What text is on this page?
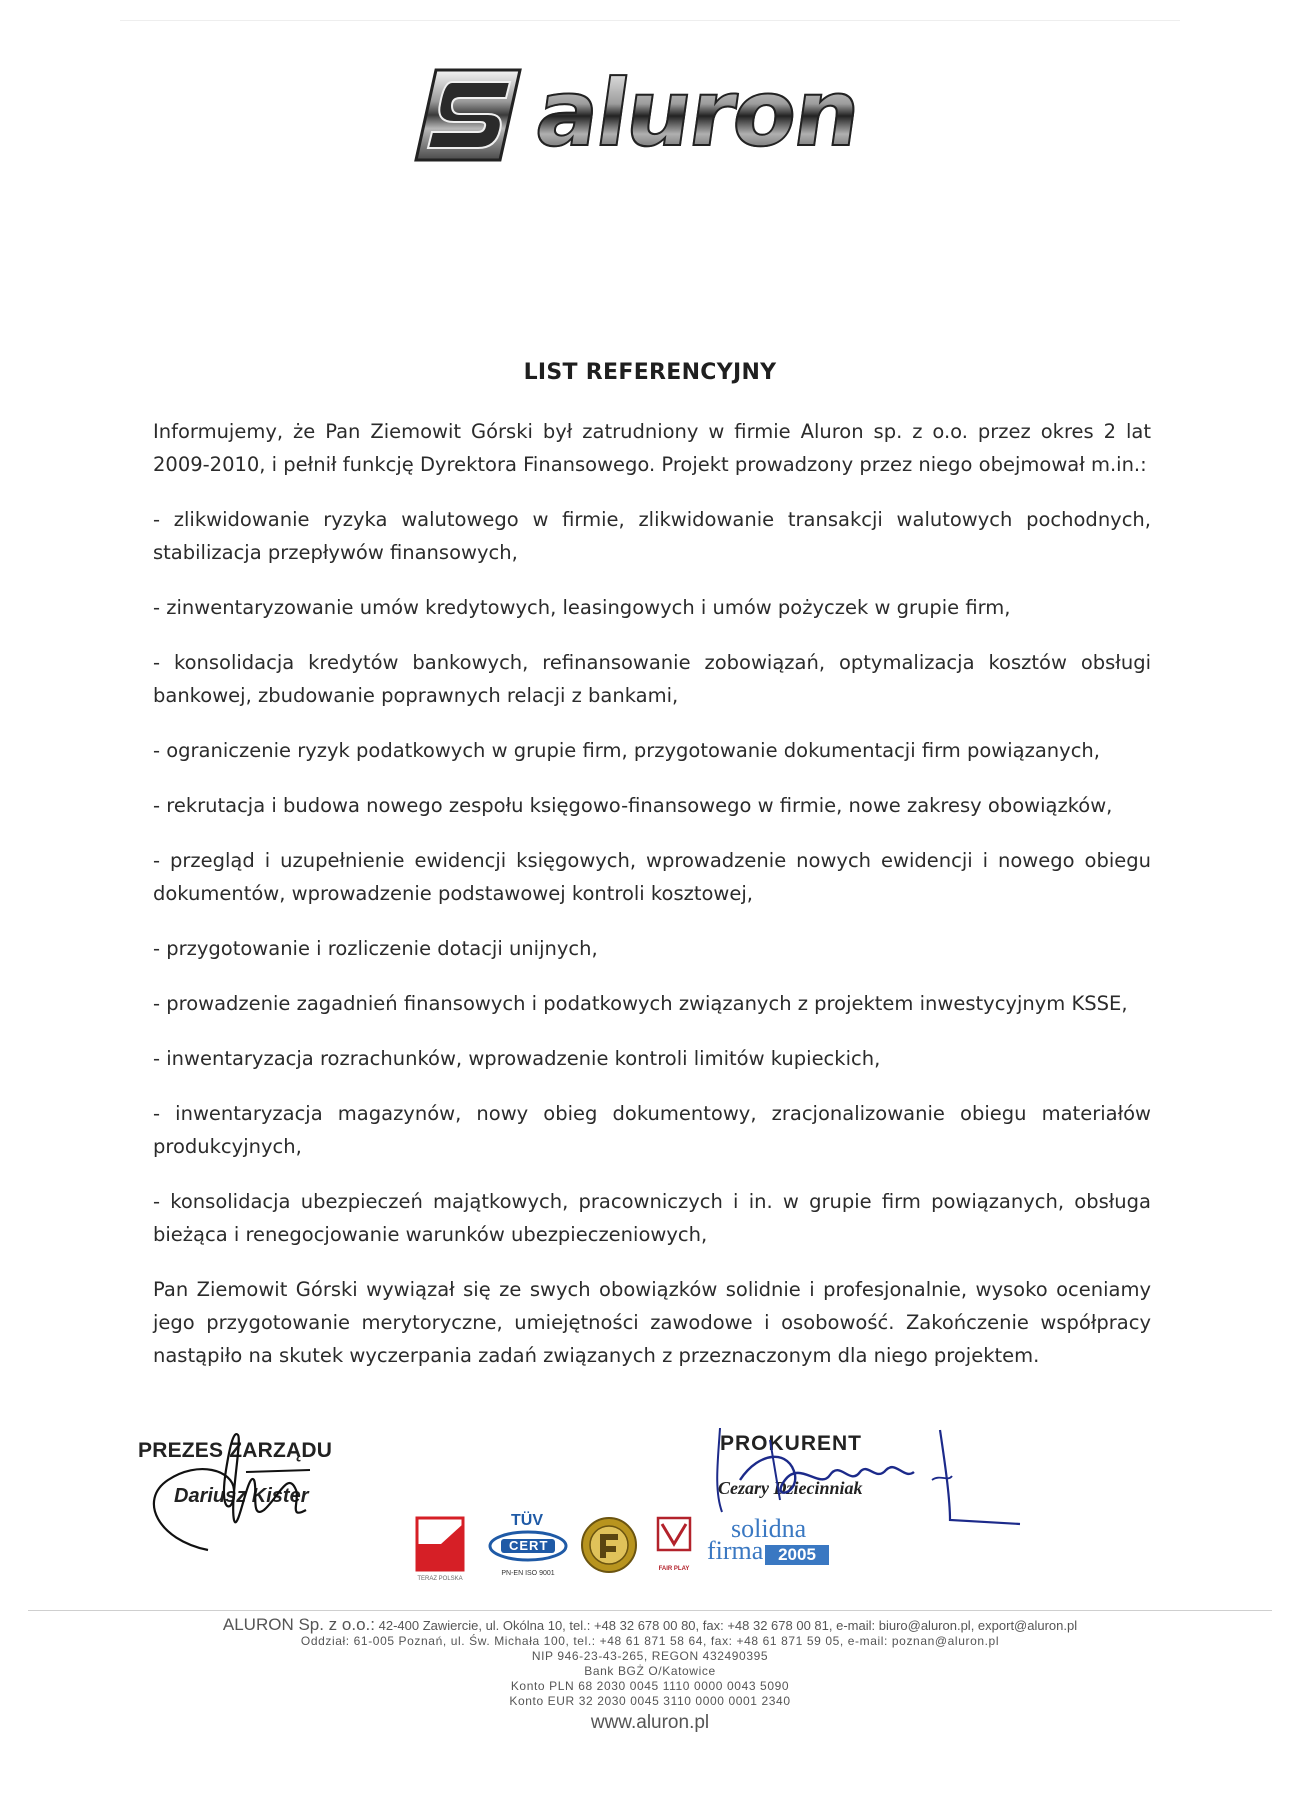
aluron
LIST REFERENCYJNY

Informujemy, że Pan Ziemowit Górski był zatrudniony w firmie Aluron sp. z o.o. przez okres 2 lat 2009-2010, i pełnił funkcję Dyrektora Finansowego. Projekt prowadzony przez niego obejmował m.in.:

- zlikwidowanie ryzyka walutowego w firmie, zlikwidowanie transakcji walutowych pochodnych, stabilizacja przepływów finansowych,

- zinwentaryzowanie umów kredytowych, leasingowych i umów pożyczek w grupie firm,

- konsolidacja kredytów bankowych, refinansowanie zobowiązań, optymalizacja kosztów obsługi bankowej, zbudowanie poprawnych relacji z bankami,

- ograniczenie ryzyk podatkowych w grupie firm, przygotowanie dokumentacji firm powiązanych,

- rekrutacja i budowa nowego zespołu księgowo-finansowego w firmie, nowe zakresy obowiązków,

- przegląd i uzupełnienie ewidencji księgowych, wprowadzenie nowych ewidencji i nowego obiegu dokumentów, wprowadzenie podstawowej kontroli kosztowej,

- przygotowanie i rozliczenie dotacji unijnych,

- prowadzenie zagadnień finansowych i podatkowych związanych z projektem inwestycyjnym KSSE,

- inwentaryzacja rozrachunków, wprowadzenie kontroli limitów kupieckich,

- inwentaryzacja magazynów, nowy obieg dokumentowy, zracjonalizowanie obiegu materiałów produkcyjnych,

- konsolidacja ubezpieczeń majątkowych, pracowniczych i in. w grupie firm powiązanych, obsługa bieżąca i renegocjowanie warunków ubezpieczeniowych,

Pan Ziemowit Górski wywiązał się ze swych obowiązków solidnie i profesjonalnie, wysoko oceniamy jego przygotowanie merytoryczne, umiejętności zawodowe i osobowość. Zakończenie współpracy nastąpiło na skutek wyczerpania zadań związanych z przeznaczonym dla niego projektem.

PREZES ZARZĄDU
Dariusz Kister
PROKURENT
Cezary Dziecinniak
TERAZ POLSKA
TÜV
CERT
PN-EN ISO 9001
FAIR PLAY
solidna
firma 2005
ALURON Sp. z o.o.: 42-400 Zawiercie, ul. Okólna 10, tel.: +48 32 678 00 80, fax: +48 32 678 00 81, e-mail: biuro@aluron.pl, export@aluron.pl
Oddział: 61-005 Poznań, ul. Św. Michała 100, tel.: +48 61 871 58 64, fax: +48 61 871 59 05, e-mail: poznan@aluron.pl
NIP 946-23-43-265, REGON 432490395
Bank BGŻ O/Katowice
Konto PLN 68 2030 0045 1110 0000 0043 5090
Konto EUR 32 2030 0045 3110 0000 0001 2340
www.aluron.pl
